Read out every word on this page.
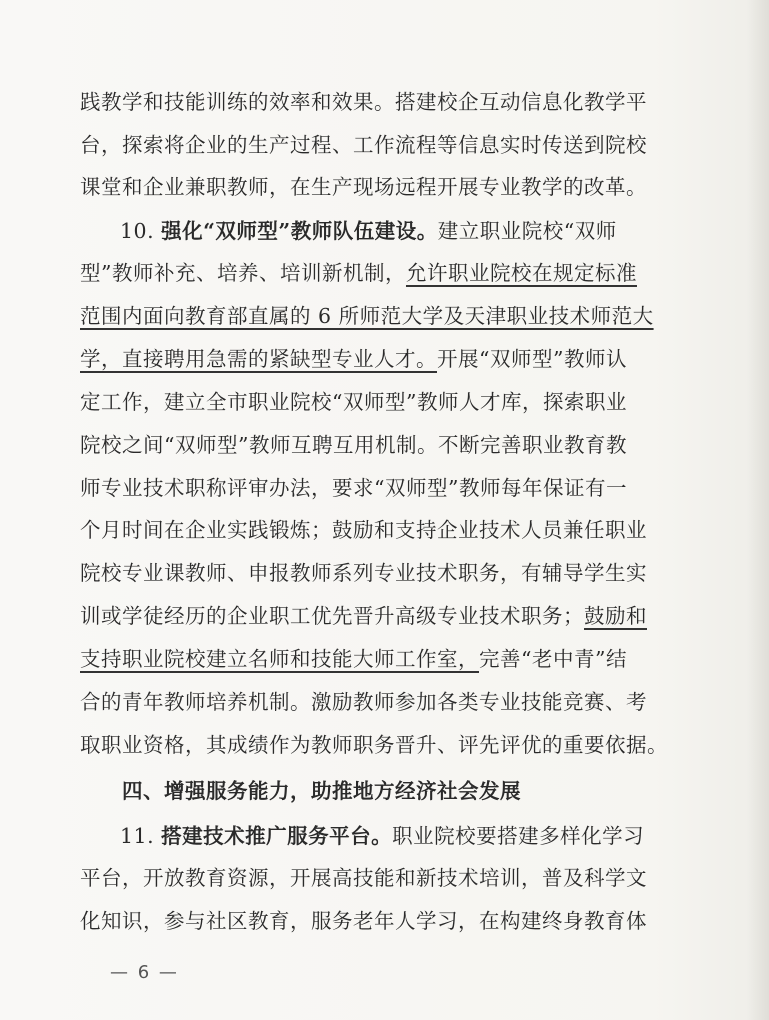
践教学和技能训练的效率和效果。搭建校企互动信息化教学平
台，探索将企业的生产过程、工作流程等信息实时传送到院校
课堂和企业兼职教师，在生产现场远程开展专业教学的改革。
10. 强化“双师型”教师队伍建设。建立职业院校“双师
型”教师补充、培养、培训新机制，允许职业院校在规定标准
范围内面向教育部直属的 6 所师范大学及天津职业技术师范大
学，直接聘用急需的紧缺型专业人才。开展“双师型”教师认
定工作，建立全市职业院校“双师型”教师人才库，探索职业
院校之间“双师型”教师互聘互用机制。不断完善职业教育教
师专业技术职称评审办法，要求“双师型”教师每年保证有一
个月时间在企业实践锻炼；鼓励和支持企业技术人员兼任职业
院校专业课教师、申报教师系列专业技术职务，有辅导学生实
训或学徒经历的企业职工优先晋升高级专业技术职务；鼓励和
支持职业院校建立名师和技能大师工作室，完善“老中青”结
合的青年教师培养机制。激励教师参加各类专业技能竞赛、考
取职业资格，其成绩作为教师职务晋升、评先评优的重要依据。
四、增强服务能力，助推地方经济社会发展
11. 搭建技术推广服务平台。职业院校要搭建多样化学习
平台，开放教育资源，开展高技能和新技术培训，普及科学文
化知识，参与社区教育，服务老年人学习，在构建终身教育体
— 6 —
